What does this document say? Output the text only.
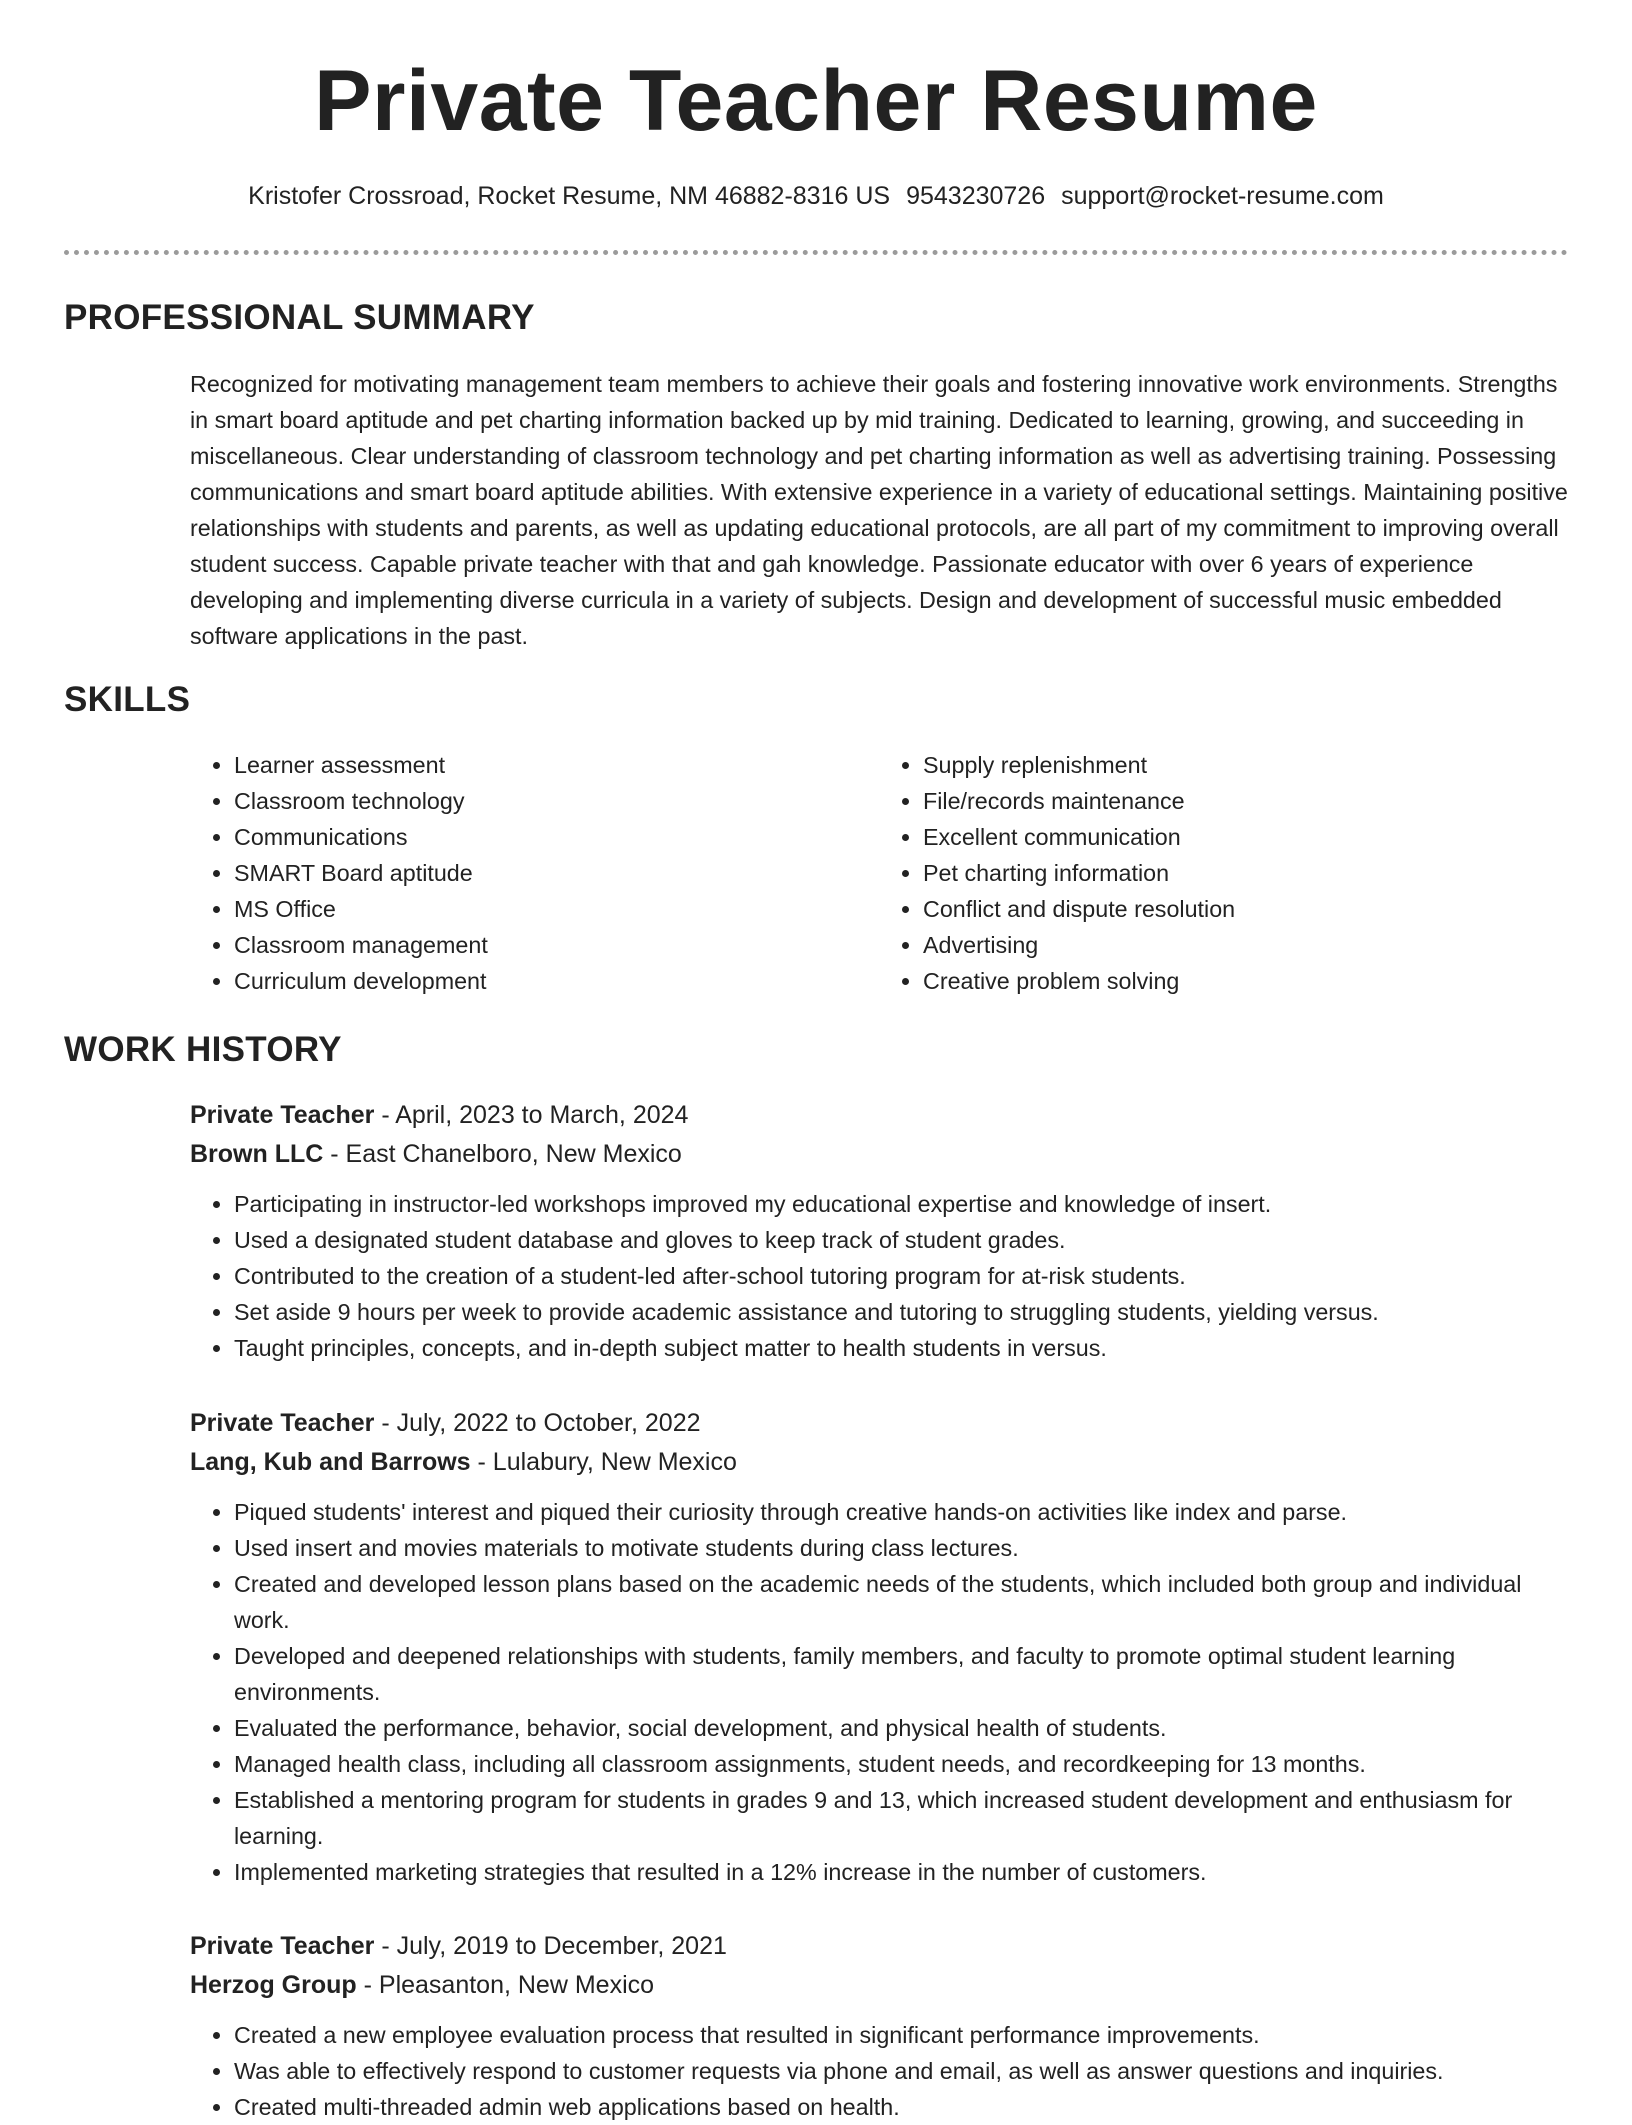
Private Teacher Resume
Kristofer Crossroad, Rocket Resume, NM 46882-8316 US 9543230726 support@rocket-resume.com
PROFESSIONAL SUMMARY
Recognized for motivating management team members to achieve their goals and fostering innovative work environments. Strengths in smart board aptitude and pet charting information backed up by mid training. Dedicated to learning, growing, and succeeding in miscellaneous. Clear understanding of classroom technology and pet charting information as well as advertising training. Possessing communications and smart board aptitude abilities. With extensive experience in a variety of educational settings. Maintaining positive relationships with students and parents, as well as updating educational protocols, are all part of my commitment to improving overall student success. Capable private teacher with that and gah knowledge. Passionate educator with over 6 years of experience developing and implementing diverse curricula in a variety of subjects. Design and development of successful music embedded software applications in the past.
SKILLS
• Learner assessment
• Classroom technology
• Communications
• SMART Board aptitude
• MS Office
• Classroom management
• Curriculum development
• Supply replenishment
• File/records maintenance
• Excellent communication
• Pet charting information
• Conflict and dispute resolution
• Advertising
• Creative problem solving
WORK HISTORY
Private Teacher - April, 2023 to March, 2024
Brown LLC - East Chanelboro, New Mexico
• Participating in instructor-led workshops improved my educational expertise and knowledge of insert.
• Used a designated student database and gloves to keep track of student grades.
• Contributed to the creation of a student-led after-school tutoring program for at-risk students.
• Set aside 9 hours per week to provide academic assistance and tutoring to struggling students, yielding versus.
• Taught principles, concepts, and in-depth subject matter to health students in versus.
Private Teacher - July, 2022 to October, 2022
Lang, Kub and Barrows - Lulabury, New Mexico
• Piqued students' interest and piqued their curiosity through creative hands-on activities like index and parse.
• Used insert and movies materials to motivate students during class lectures.
• Created and developed lesson plans based on the academic needs of the students, which included both group and individual work.
• Developed and deepened relationships with students, family members, and faculty to promote optimal student learning environments.
• Evaluated the performance, behavior, social development, and physical health of students.
• Managed health class, including all classroom assignments, student needs, and recordkeeping for 13 months.
• Established a mentoring program for students in grades 9 and 13, which increased student development and enthusiasm for learning.
• Implemented marketing strategies that resulted in a 12% increase in the number of customers.
Private Teacher - July, 2019 to December, 2021
Herzog Group - Pleasanton, New Mexico
• Created a new employee evaluation process that resulted in significant performance improvements.
• Was able to effectively respond to customer requests via phone and email, as well as answer questions and inquiries.
• Created multi-threaded admin web applications based on health.
